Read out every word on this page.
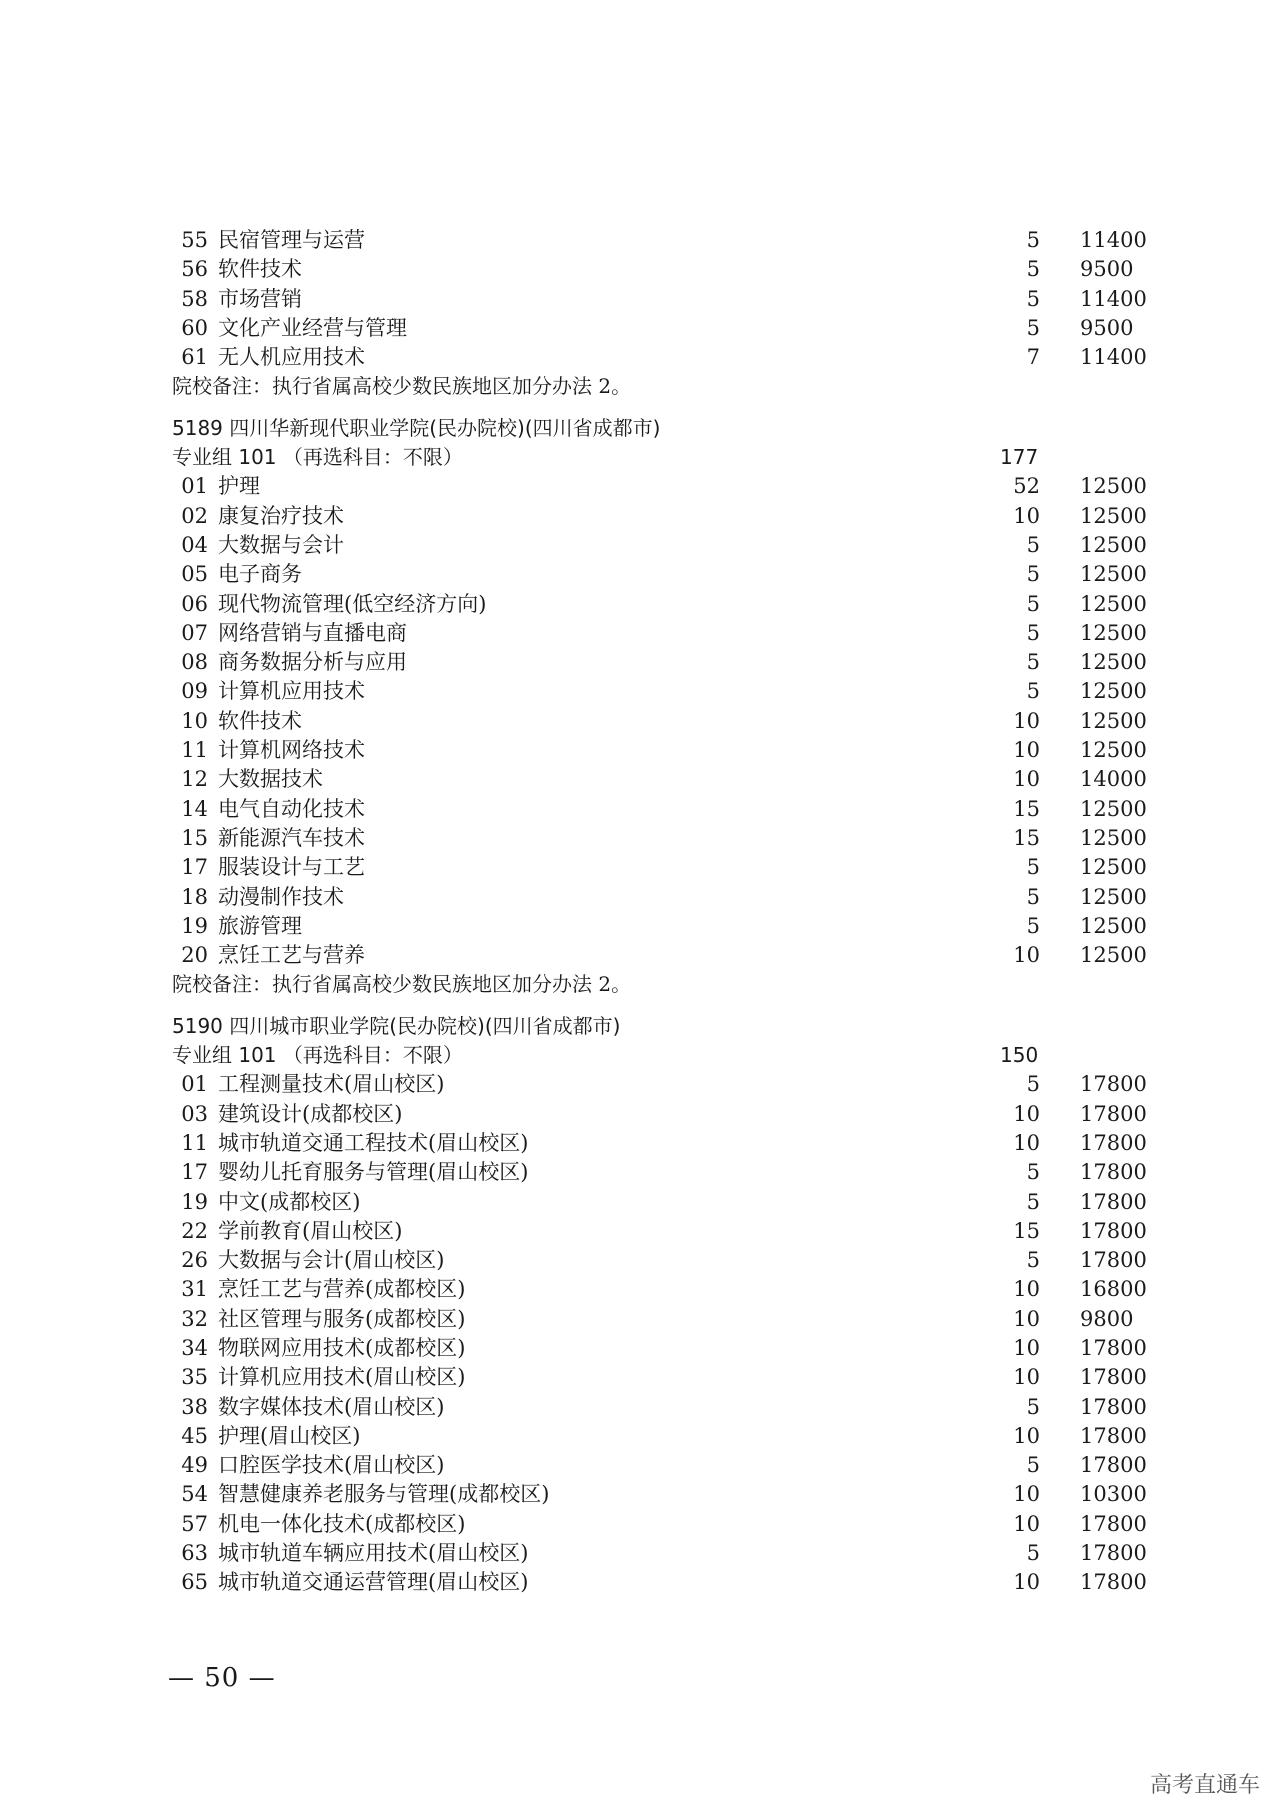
55 民宿管理与运营	5 11400
56 软件技术	5 9500
58 市场营销	5 11400
60 文化产业经营与管理	5 9500
61 无人机应用技术	7 11400
院校备注：执行省属高校少数民族地区加分办法 2。
5189 四川华新现代职业学院(民办院校)(四川省成都市)
专业组 101 （再选科目：不限）	177
01 护理	52 12500
02 康复治疗技术	10 12500
04 大数据与会计	5 12500
05 电子商务	5 12500
06 现代物流管理(低空经济方向)	5 12500
07 网络营销与直播电商	5 12500
08 商务数据分析与应用	5 12500
09 计算机应用技术	5 12500
10 软件技术	10 12500
11 计算机网络技术	10 12500
12 大数据技术	10 14000
14 电气自动化技术	15 12500
15 新能源汽车技术	15 12500
17 服装设计与工艺	5 12500
18 动漫制作技术	5 12500
19 旅游管理	5 12500
20 烹饪工艺与营养	10 12500
院校备注：执行省属高校少数民族地区加分办法 2。
5190 四川城市职业学院(民办院校)(四川省成都市)
专业组 101 （再选科目：不限）	150
01 工程测量技术(眉山校区)	5 17800
03 建筑设计(成都校区)	10 17800
11 城市轨道交通工程技术(眉山校区)	10 17800
17 婴幼儿托育服务与管理(眉山校区)	5 17800
19 中文(成都校区)	5 17800
22 学前教育(眉山校区)	15 17800
26 大数据与会计(眉山校区)	5 17800
31 烹饪工艺与营养(成都校区)	10 16800
32 社区管理与服务(成都校区)	10 9800
34 物联网应用技术(成都校区)	10 17800
35 计算机应用技术(眉山校区)	10 17800
38 数字媒体技术(眉山校区)	5 17800
45 护理(眉山校区)	10 17800
49 口腔医学技术(眉山校区)	5 17800
54 智慧健康养老服务与管理(成都校区)	10 10300
57 机电一体化技术(成都校区)	10 17800
63 城市轨道车辆应用技术(眉山校区)	5 17800
65 城市轨道交通运营管理(眉山校区)	10 17800
— 50 —
高考直通车
